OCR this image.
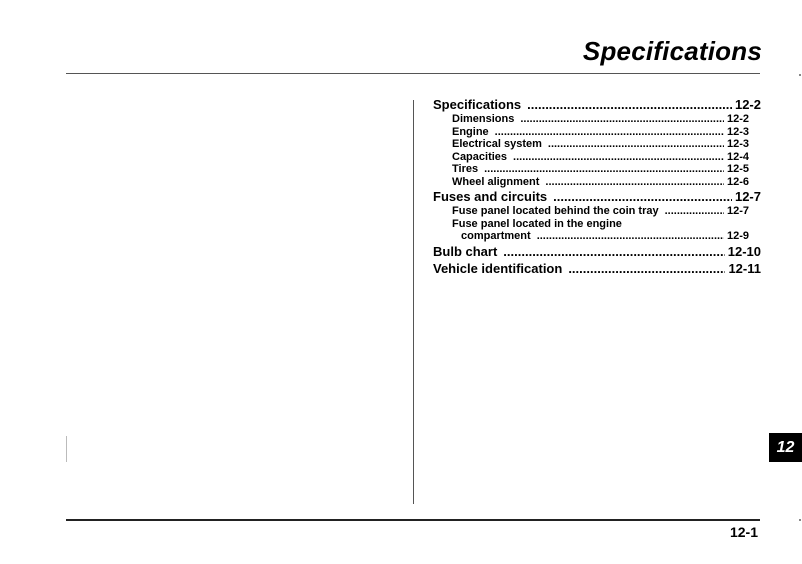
Specifications
Specifications .....	12-2
Dimensions .....	12-2
Engine .....	12-3
Electrical system .....	12-3
Capacities .....	12-4
Tires .....	12-5
Wheel alignment .....	12-6
Fuses and circuits .....	12-7
Fuse panel located behind the coin tray .....	12-7
Fuse panel located in the engine
compartment .....	12-9
Bulb chart .....	12-10
Vehicle identification .....	12-11
12
12-1
